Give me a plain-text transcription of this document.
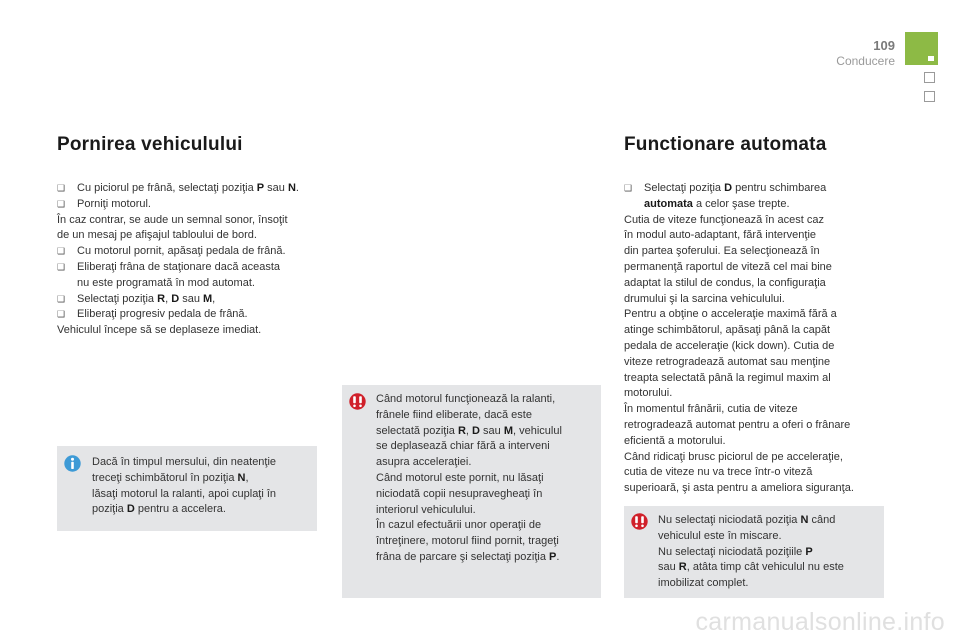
109
Conducere
Pornirea vehiculului
❑ Cu piciorul pe frână, selectaţi poziţia P sau N.
❑ Porniţi motorul.
În caz contrar, se aude un semnal sonor, însoţit
de un mesaj pe afişajul tabloului de bord.
❑ Cu motorul pornit, apăsaţi pedala de frână.
❑ Eliberaţi frâna de staţionare dacă aceasta
nu este programată în mod automat.
❑ Selectaţi poziţia R, D sau M,
❑ Eliberaţi progresiv pedala de frână.
Vehiculul începe să se deplaseze imediat.
Dacă în timpul mersului, din neatenţie
treceţi schimbătorul în poziţia N,
lăsaţi motorul la ralanti, apoi cuplaţi în
poziţia D pentru a accelera.
Când motorul funcţionează la ralanti,
frânele fiind eliberate, dacă este
selectată poziţia R, D sau M, vehiculul
se deplasează chiar fără a interveni
asupra acceleraţiei.
Când motorul este pornit, nu lăsaţi
niciodată copii nesupravegheaţi în
interiorul vehiculului.
În cazul efectuării unor operaţii de
întreţinere, motorul fiind pornit, trageţi
frâna de parcare şi selectaţi poziţia P.
Functionare automata
❑ Selectaţi poziţia D pentru schimbarea
automata a celor şase trepte.
Cutia de viteze funcţionează în acest caz
în modul auto-adaptant, fără intervenţie
din partea şoferului. Ea selecţionează în
permanenţă raportul de viteză cel mai bine
adaptat la stilul de condus, la configuraţia
drumului şi la sarcina vehiculului.
Pentru a obţine o acceleraţie maximă fără a
atinge schimbătorul, apăsaţi până la capăt
pedala de acceleraţie (kick down). Cutia de
viteze retrogradează automat sau menţine
treapta selectată până la regimul maxim al
motorului.
În momentul frânării, cutia de viteze
retrogradează automat pentru a oferi o frânare
eficientă a motorului.
Când ridicaţi brusc piciorul de pe acceleraţie,
cutia de viteze nu va trece într-o viteză
superioară, şi asta pentru a ameliora siguranţa.
Nu selectaţi niciodată poziţia N când
vehiculul este în miscare.
Nu selectaţi niciodată poziţiile P
sau R, atâta timp cât vehiculul nu este
imobilizat complet.
carmanualsonline.info
